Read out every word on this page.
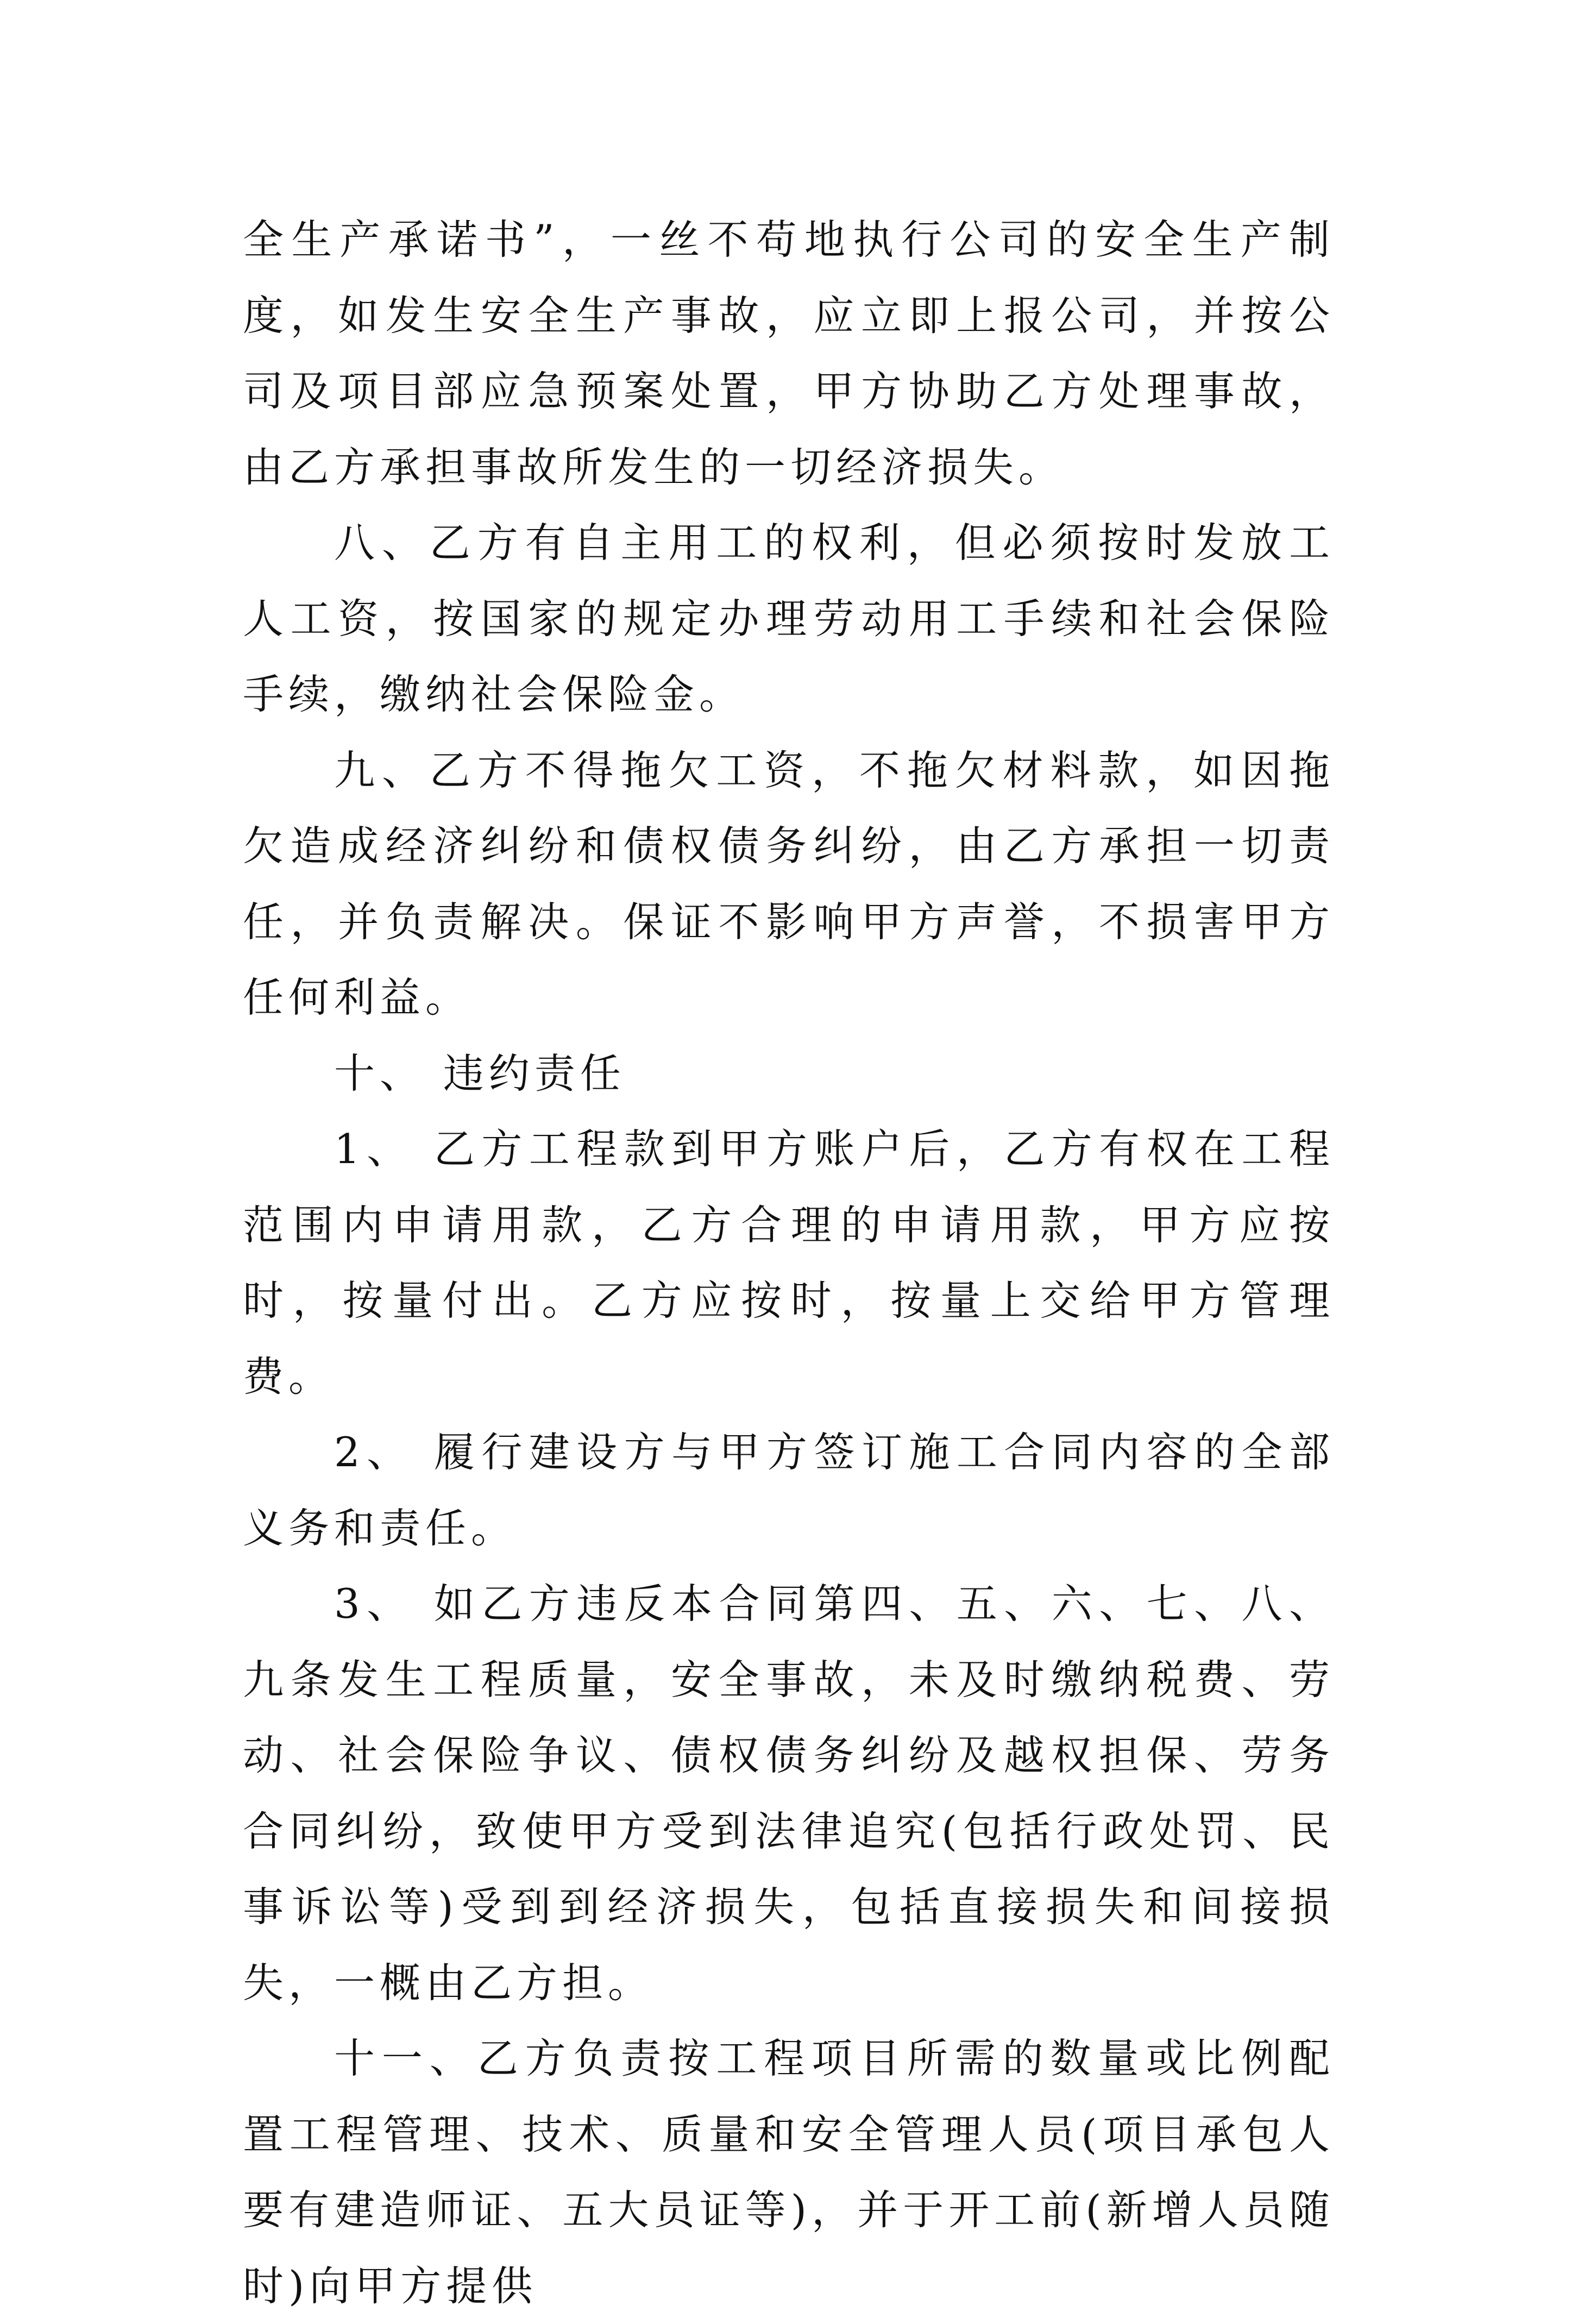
全生产承诺书”，一丝不苟地执行公司的安全生产制度，如发生安全生产事故，应立即上报公司，并按公司及项目部应急预案处置，甲方协助乙方处理事故，由乙方承担事故所发生的一切经济损失。

八、乙方有自主用工的权利，但必须按时发放工人工资，按国家的规定办理劳动用工手续和社会保险手续，缴纳社会保险金。

九、乙方不得拖欠工资，不拖欠材料款，如因拖欠造成经济纠纷和债权债务纠纷，由乙方承担一切责任，并负责解决。保证不影响甲方声誉，不损害甲方任何利益。

十、 违约责任

1、 乙方工程款到甲方账户后，乙方有权在工程范围内申请用款，乙方合理的申请用款，甲方应按时，按量付出。乙方应按时，按量上交给甲方管理费。

2、 履行建设方与甲方签订施工合同内容的全部义务和责任。

3、 如乙方违反本合同第四、五、六、七、八、九条发生工程质量，安全事故，未及时缴纳税费、劳动、社会保险争议、债权债务纠纷及越权担保、劳务合同纠纷，致使甲方受到法律追究(包括行政处罚、民事诉讼等)受到到经济损失，包括直接损失和间接损失，一概由乙方担。

十一、乙方负责按工程项目所需的数量或比例配置工程管理、技术、质量和安全管理人员(项目承包人要有建造师证、五大员证等)，并于开工前(新增人员随时)向甲方提供
